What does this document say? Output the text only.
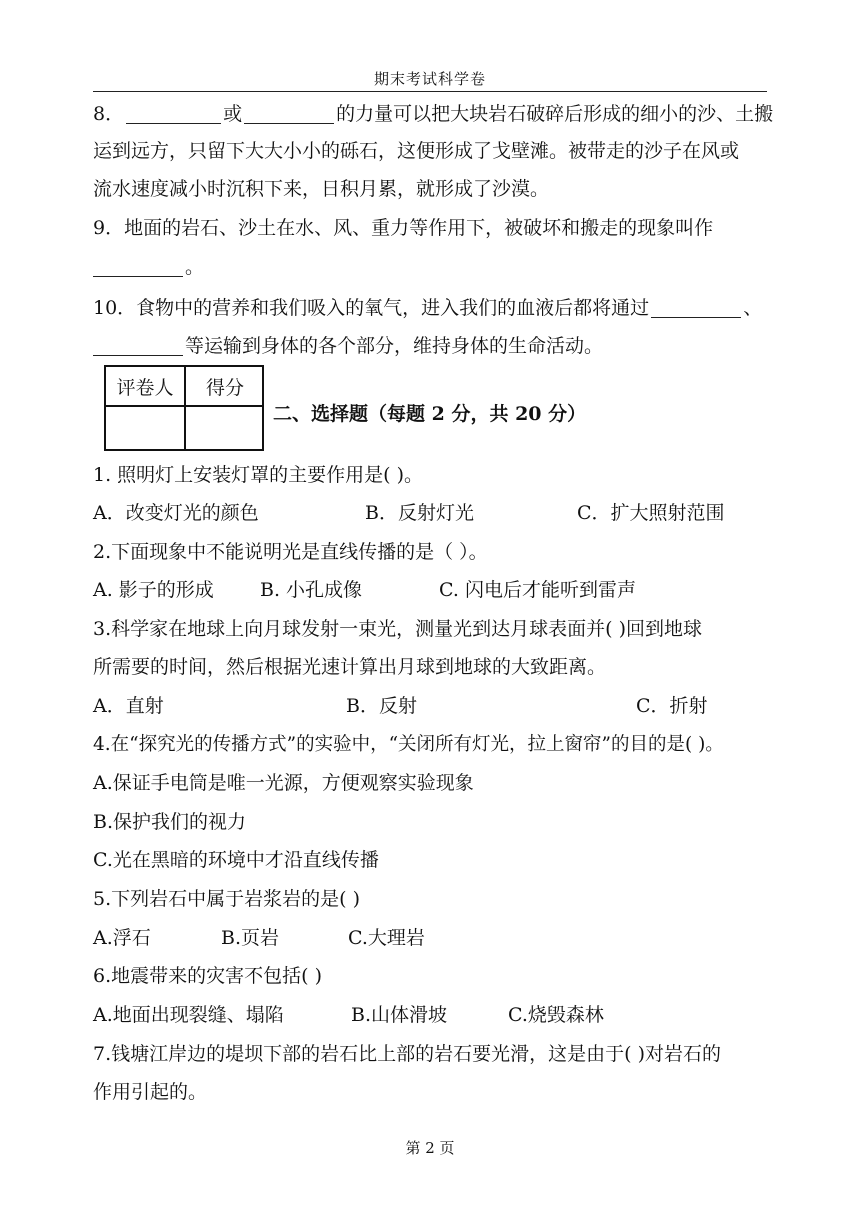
期末考试科学卷
8．	或	的力量可以把大块岩石破碎后形成的细小的沙、土搬
运到远方，只留下大大小小的砾石，这便形成了戈壁滩。被带走的沙子在风或
流水速度减小时沉积下来，日积月累，就形成了沙漠。
9．地面的岩石、沙土在水、风、重力等作用下，被破坏和搬走的现象叫作
。
10．食物中的营养和我们吸入的氧气，进入我们的血液后都将通过	、
等运输到身体的各个部分，维持身体的生命活动。
评卷人	得分
二、选择题（每题 2 分，共 20 分）
1. 照明灯上安装灯罩的主要作用是( )。
A．改变灯光的颜色	B．反射灯光	C．扩大照射范围
2.下面现象中不能说明光是直线传播的是（ ）。
A. 影子的形成 B. 小孔成像	C. 闪电后才能听到雷声
3.科学家在地球上向月球发射一束光，测量光到达月球表面并( )回到地球
所需要的时间，然后根据光速计算出月球到地球的大致距离。
A．直射	B．反射	C．折射
4.在“探究光的传播方式”的实验中，“关闭所有灯光，拉上窗帘”的目的是( )。
A.保证手电筒是唯一光源，方便观察实验现象
B.保护我们的视力
C.光在黑暗的环境中才沿直线传播
5.下列岩石中属于岩浆岩的是( )
A.浮石	B.页岩	C.大理岩
6.地震带来的灾害不包括( )
A.地面出现裂缝、塌陷	B.山体滑坡	C.烧毁森林
7.钱塘江岸边的堤坝下部的岩石比上部的岩石要光滑，这是由于( )对岩石的
作用引起的。
第 2 页
